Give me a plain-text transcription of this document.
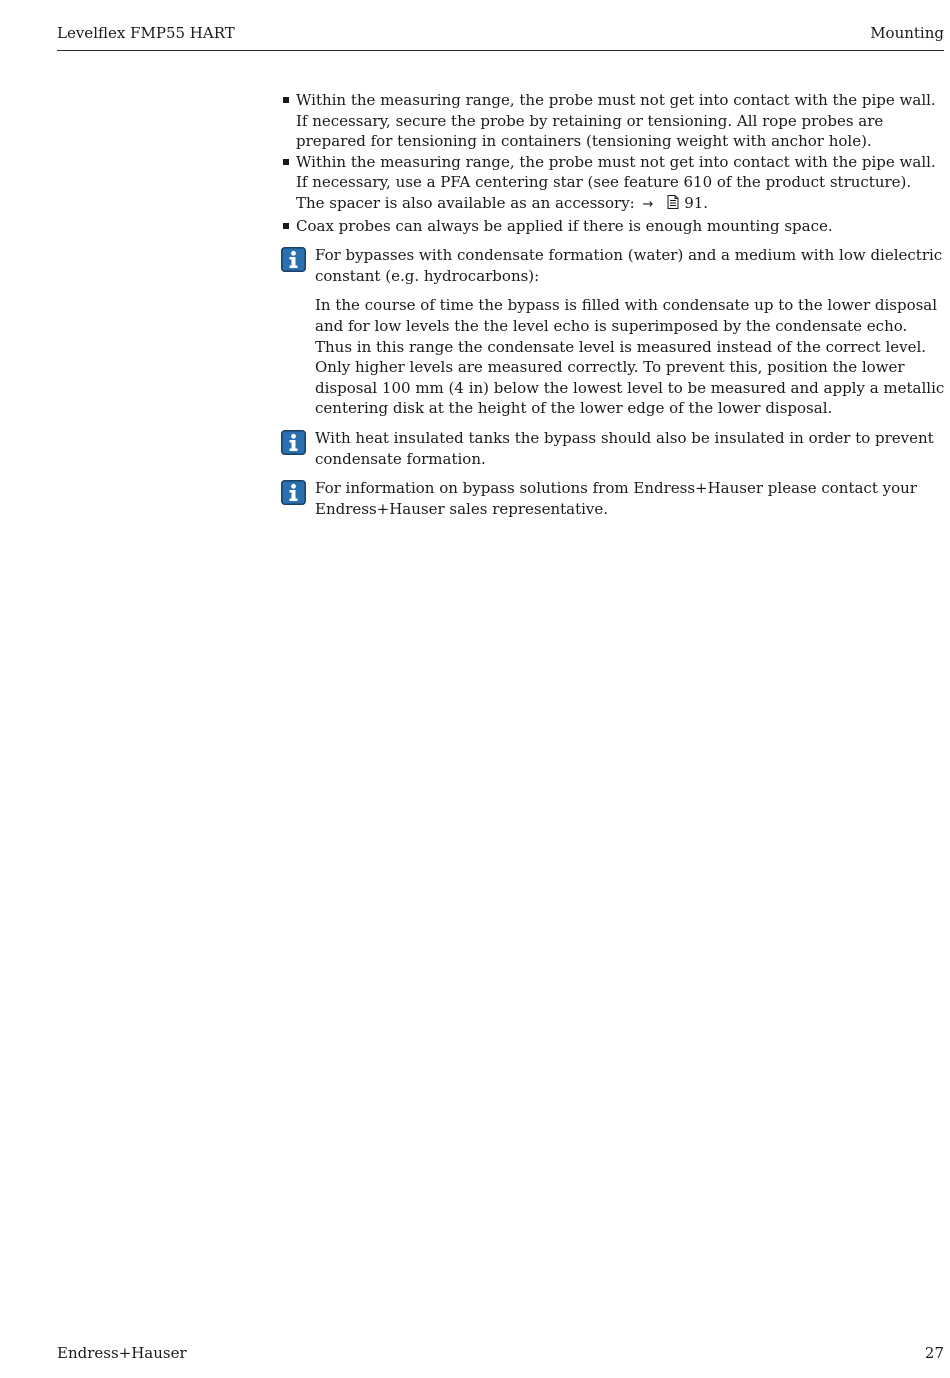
Levelflex FMP55 HART	Mounting
Within the measuring range, the probe must not get into contact with the pipe wall. If necessary, secure the probe by retaining or tensioning. All rope probes are prepared for tensioning in containers (tensioning weight with anchor hole).
Within the measuring range, the probe must not get into contact with the pipe wall. If necessary, use a PFA centering star (see feature 610 of the product structure).
The spacer is also available as an accessory: → 91.
Coax probes can always be applied if there is enough mounting space.

For bypasses with condensate formation (water) and a medium with low dielectric constant (e.g. hydrocarbons):

In the course of time the bypass is filled with condensate up to the lower disposal and for low levels the the level echo is superimposed by the condensate echo. Thus in this range the condensate level is measured instead of the correct level. Only higher levels are measured correctly. To prevent this, position the lower disposal 100 mm (4 in) below the lowest level to be measured and apply a metallic centering disk at the height of the lower edge of the lower disposal.

With heat insulated tanks the bypass should also be insulated in order to prevent condensate formation.

For information on bypass solutions from Endress+Hauser please contact your Endress+Hauser sales representative.

Endress+Hauser	27
